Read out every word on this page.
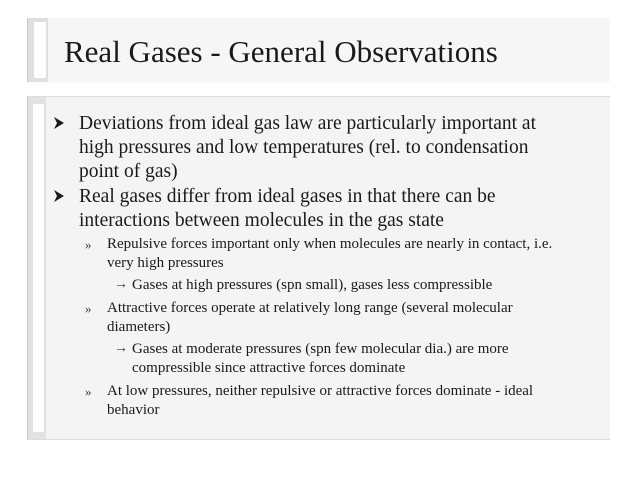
Real Gases - General Observations
Deviations from ideal gas law are particularly important at
high pressures and low temperatures (rel. to condensation
point of gas)
Real gases differ from ideal gases in that there can be
interactions between molecules in the gas state
» Repulsive forces important only when molecules are nearly in contact, i.e.
very high pressures
→ Gases at high pressures (spn small), gases less compressible
» Attractive forces operate at relatively long range (several molecular
diameters)
→ Gases at moderate pressures (spn few molecular dia.) are more
compressible since attractive forces dominate
» At low pressures, neither repulsive or attractive forces dominate - ideal
behavior
